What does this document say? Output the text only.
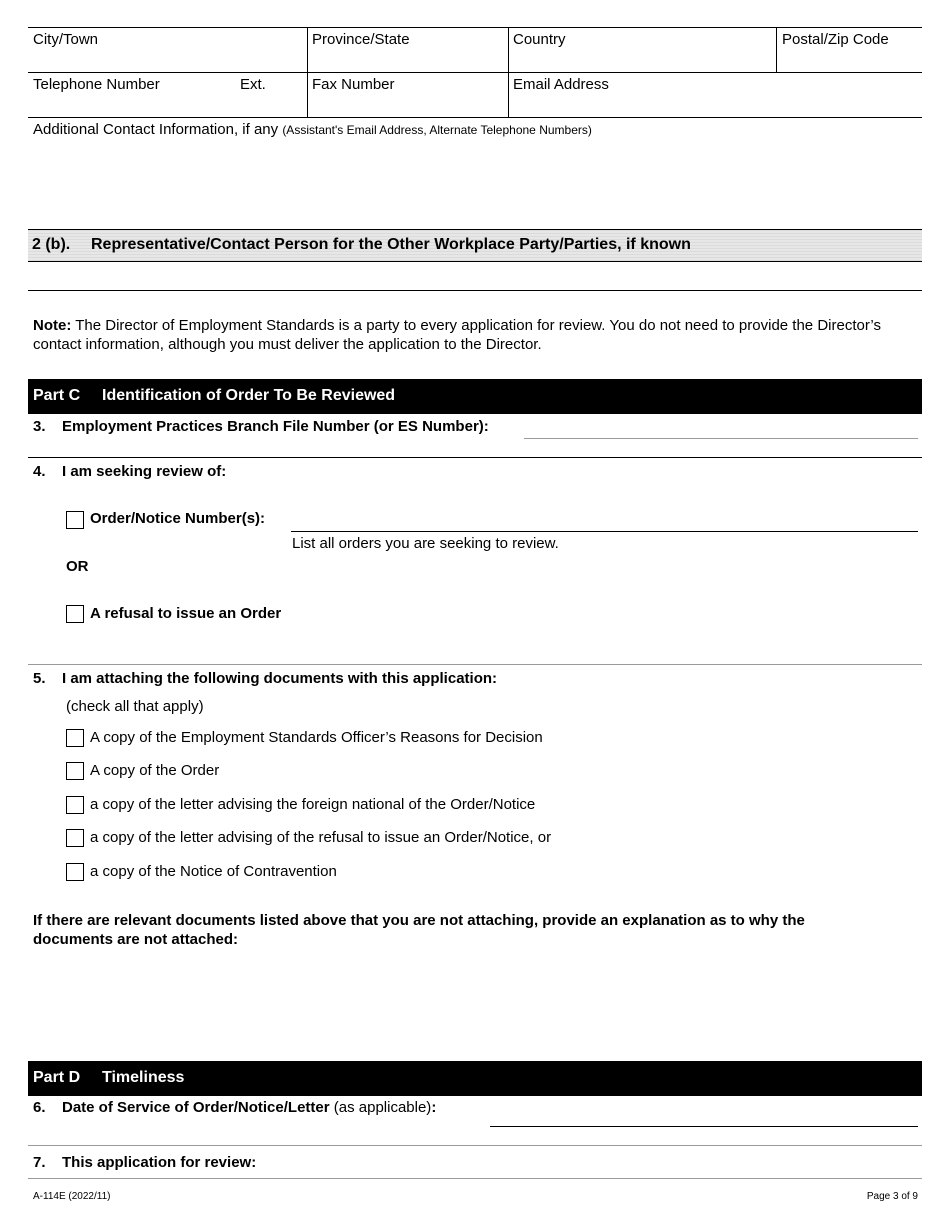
City/Town	Province/State	Country	Postal/Zip Code
Telephone Number	Ext.	Fax Number	Email Address
Additional Contact Information, if any (Assistant's Email Address, Alternate Telephone Numbers)
2 (b). Representative/Contact Person for the Other Workplace Party/Parties, if known
Note: The Director of Employment Standards is a party to every application for review. You do not need to provide the Director’s contact information, although you must deliver the application to the Director.
Part C Identification of Order To Be Reviewed
3. Employment Practices Branch File Number (or ES Number):
4. I am seeking review of:
Order/Notice Number(s):
List all orders you are seeking to review.
OR
A refusal to issue an Order
5. I am attaching the following documents with this application:
(check all that apply)
A copy of the Employment Standards Officer’s Reasons for Decision
A copy of the Order
a copy of the letter advising the foreign national of the Order/Notice
a copy of the letter advising of the refusal to issue an Order/Notice, or
a copy of the Notice of Contravention
If there are relevant documents listed above that you are not attaching, provide an explanation as to why the documents are not attached:
Part D Timeliness
6. Date of Service of Order/Notice/Letter (as applicable):
7. This application for review:
A-114E (2022/11)	Page 3 of 9
